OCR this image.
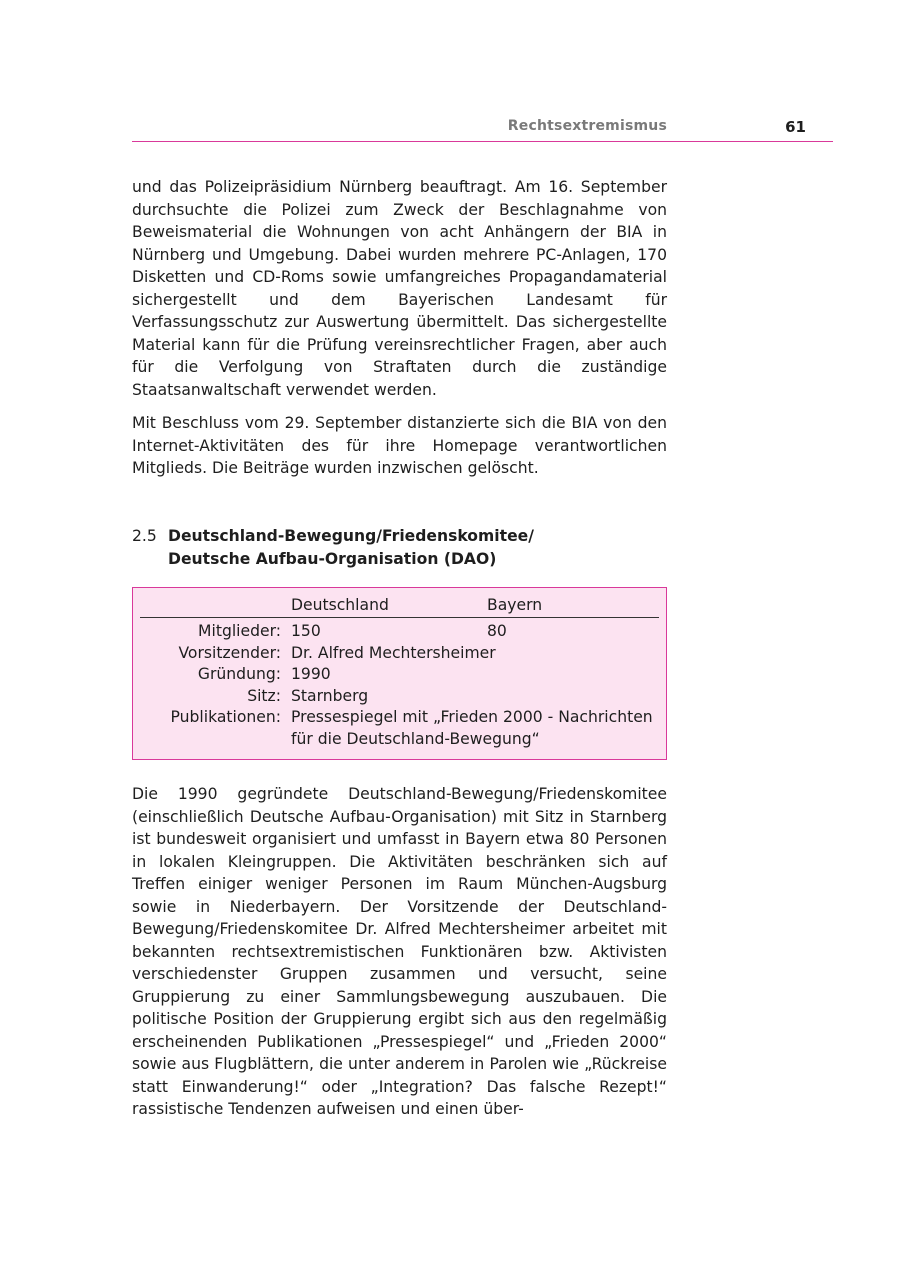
Rechtsextremismus	61

und das Polizeipräsidium Nürnberg beauftragt. Am 16. September durchsuchte die Polizei zum Zweck der Beschlagnahme von Beweismaterial die Wohnungen von acht Anhängern der BIA in Nürnberg und Umgebung. Dabei wurden mehrere PC-Anlagen, 170 Disketten und CD-Roms sowie umfangreiches Propagandamaterial sichergestellt und dem Bayerischen Landesamt für Verfassungsschutz zur Auswertung übermittelt. Das sichergestellte Material kann für die Prüfung vereinsrechtlicher Fragen, aber auch für die Verfolgung von Straftaten durch die zuständige Staatsanwaltschaft verwendet werden.

Mit Beschluss vom 29. September distanzierte sich die BIA von den Internet-Aktivitäten des für ihre Homepage verantwortlichen Mitglieds. Die Beiträge wurden inzwischen gelöscht.

2.5 Deutschland-Bewegung/Friedenskomitee/
Deutsche Aufbau-Organisation (DAO)
Deutschland	Bayern
Mitglieder: 150	80
Vorsitzender: Dr. Alfred Mechtersheimer
Gründung: 1990
Sitz: Starnberg
Publikationen: Pressespiegel mit „Frieden 2000 - Nachrichten
für die Deutschland-Bewegung“

Die 1990 gegründete Deutschland-Bewegung/Friedenskomitee (einschließlich Deutsche Aufbau-Organisation) mit Sitz in Starnberg ist bundesweit organisiert und umfasst in Bayern etwa 80 Personen in lokalen Kleingruppen. Die Aktivitäten beschränken sich auf Treffen einiger weniger Personen im Raum München-Augsburg sowie in Niederbayern. Der Vorsitzende der Deutschland-Bewegung/Friedenskomitee Dr. Alfred Mechtersheimer arbeitet mit bekannten rechtsextremistischen Funktionären bzw. Aktivisten verschiedenster Gruppen zusammen und versucht, seine Gruppierung zu einer Sammlungsbewegung auszubauen. Die politische Position der Gruppierung ergibt sich aus den regelmäßig erscheinenden Publikationen „Pressespiegel“ und „Frieden 2000“ sowie aus Flugblättern, die unter anderem in Parolen wie „Rückreise statt Einwanderung!“ oder „Integration? Das falsche Rezept!“ rassistische Tendenzen aufweisen und einen über-
